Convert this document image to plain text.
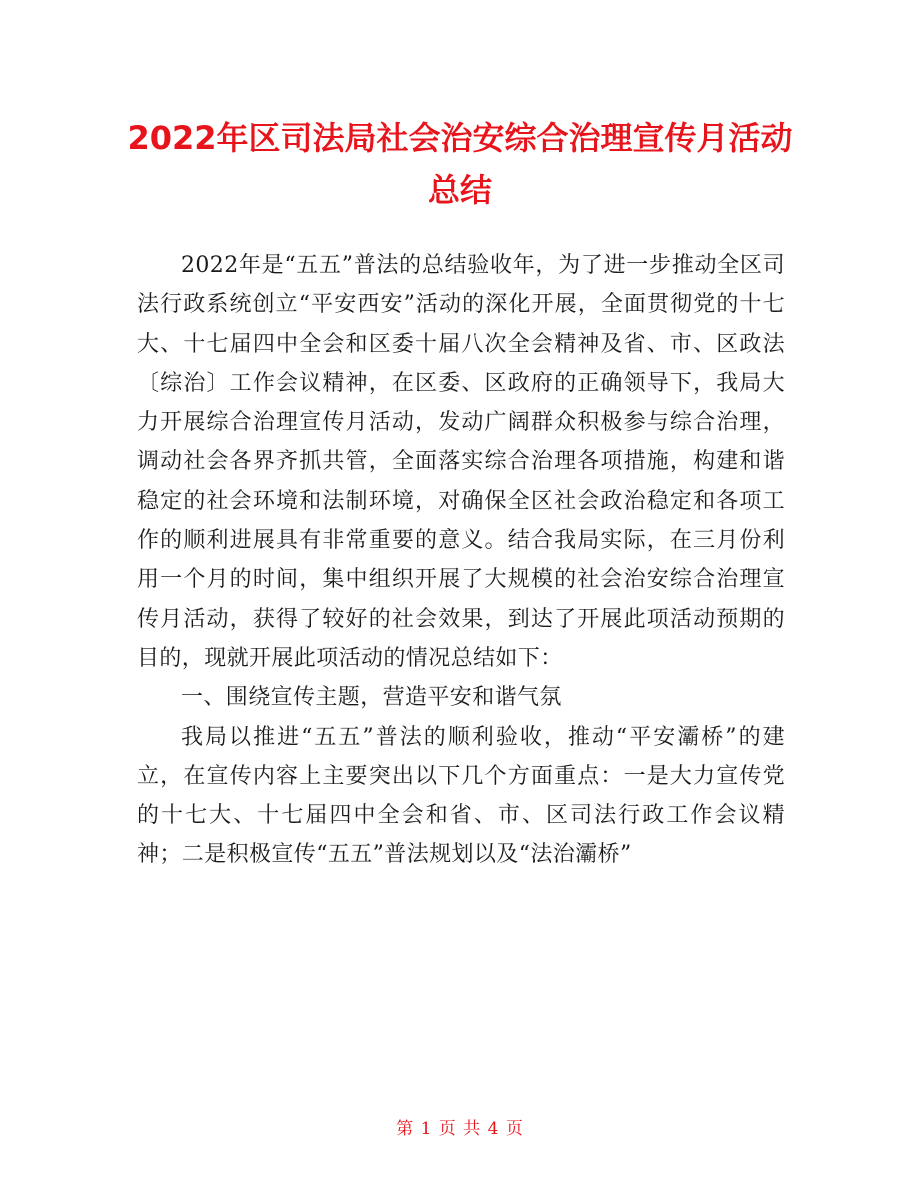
2022年区司法局社会治安综合治理宣传月活动总结

2022年是“五五”普法的总结验收年，为了进一步推动全区司法行政系统创立“平安西安”活动的深化开展，全面贯彻党的十七大、十七届四中全会和区委十届八次全会精神及省、市、区政法〔综治〕工作会议精神，在区委、区政府的正确领导下，我局大力开展综合治理宣传月活动，发动广阔群众积极参与综合治理，调动社会各界齐抓共管，全面落实综合治理各项措施，构建和谐稳定的社会环境和法制环境，对确保全区社会政治稳定和各项工作的顺利进展具有非常重要的意义。结合我局实际，在三月份利用一个月的时间，集中组织开展了大规模的社会治安综合治理宣传月活动，获得了较好的社会效果，到达了开展此项活动预期的目的，现就开展此项活动的情况总结如下：

一、围绕宣传主题，营造平安和谐气氛

我局以推进“五五”普法的顺利验收，推动“平安灞桥”的建立，在宣传内容上主要突出以下几个方面重点：一是大力宣传党的十七大、十七届四中全会和省、市、区司法行政工作会议精神；二是积极宣传“五五”普法规划以及“法治灞桥”

第 1 页 共 4 页
